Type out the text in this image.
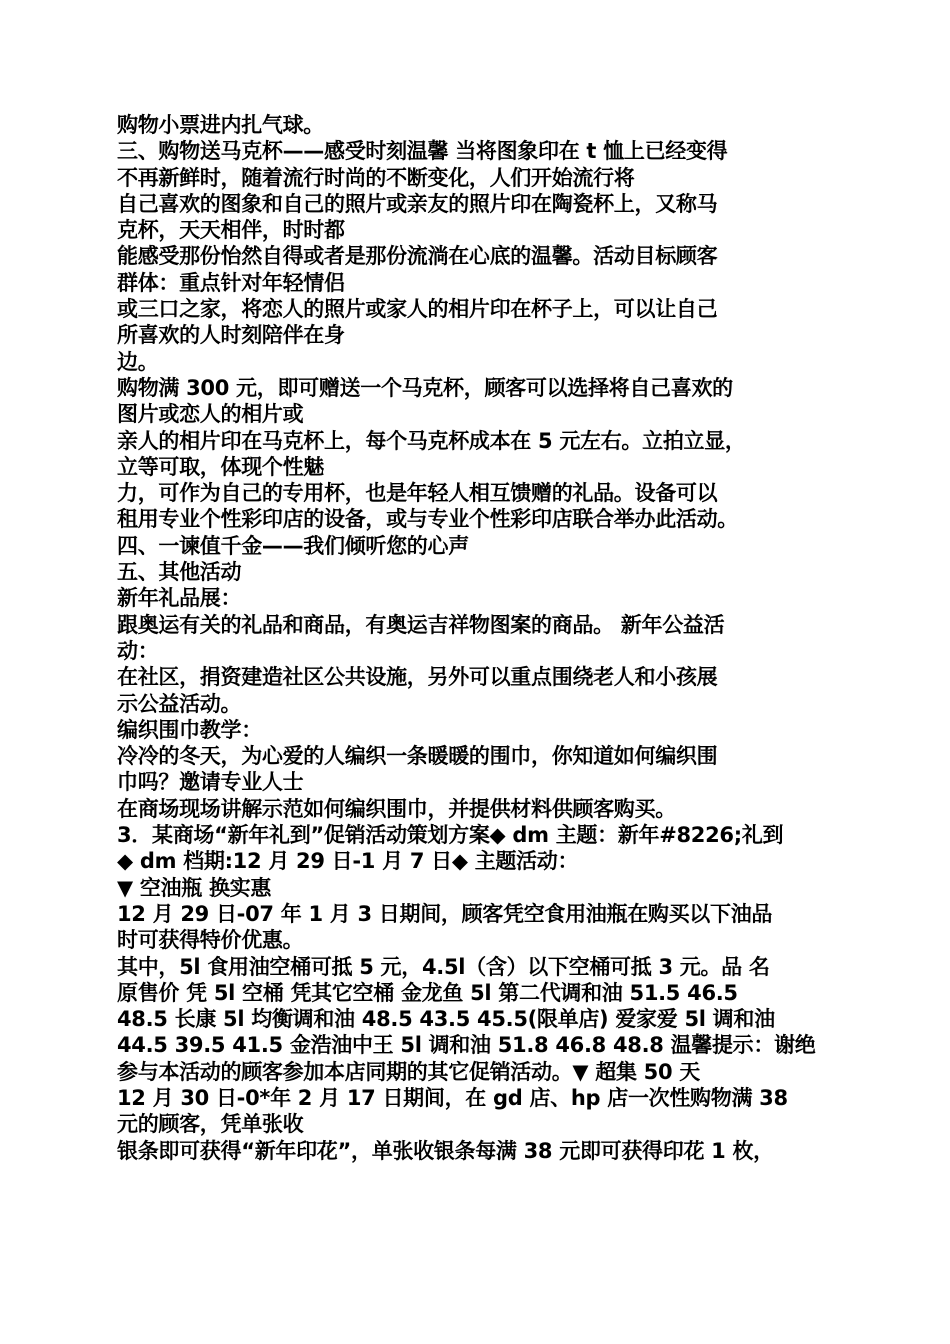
购物小票进内扎气球。
三、购物送马克杯——感受时刻温馨 当将图象印在 t 恤上已经变得
不再新鲜时，随着流行时尚的不断变化，人们开始流行将
自己喜欢的图象和自己的照片或亲友的照片印在陶瓷杯上，又称马
克杯，天天相伴，时时都
能感受那份怡然自得或者是那份流淌在心底的温馨。活动目标顾客
群体：重点针对年轻情侣
或三口之家，将恋人的照片或家人的相片印在杯子上，可以让自己
所喜欢的人时刻陪伴在身
边。
购物满 300 元，即可赠送一个马克杯，顾客可以选择将自己喜欢的
图片或恋人的相片或
亲人的相片印在马克杯上，每个马克杯成本在 5 元左右。立拍立显，
立等可取，体现个性魅
力，可作为自己的专用杯，也是年轻人相互馈赠的礼品。设备可以
租用专业个性彩印店的设备，或与专业个性彩印店联合举办此活动。
四、一谏值千金——我们倾听您的心声
五、其他活动
新年礼品展：
跟奥运有关的礼品和商品，有奥运吉祥物图案的商品。 新年公益活
动：
在社区，捐资建造社区公共设施，另外可以重点围绕老人和小孩展
示公益活动。
编织围巾教学：
冷冷的冬天，为心爱的人编织一条暖暖的围巾，你知道如何编织围
巾吗？邀请专业人士
在商场现场讲解示范如何编织围巾，并提供材料供顾客购买。
3．某商场“新年礼到”促销活动策划方案◆ dm 主题：新年#8226;礼到
◆ dm 档期:12 月 29 日-1 月 7 日◆ 主题活动：
▼ 空油瓶 换实惠
12 月 29 日-07 年 1 月 3 日期间，顾客凭空食用油瓶在购买以下油品
时可获得特价优惠。
其中，5l 食用油空桶可抵 5 元，4.5l（含）以下空桶可抵 3 元。品 名
原售价 凭 5l 空桶 凭其它空桶 金龙鱼 5l 第二代调和油 51.5 46.5
48.5 长康 5l 均衡调和油 48.5 43.5 45.5(限单店) 爱家爱 5l 调和油
44.5 39.5 41.5 金浩油中王 5l 调和油 51.8 46.8 48.8 温馨提示：谢绝
参与本活动的顾客参加本店同期的其它促销活动。▼ 超集 50 天
12 月 30 日-0*年 2 月 17 日期间，在 gd 店、hp 店一次性购物满 38
元的顾客，凭单张收
银条即可获得“新年印花”，单张收银条每满 38 元即可获得印花 1 枚，
